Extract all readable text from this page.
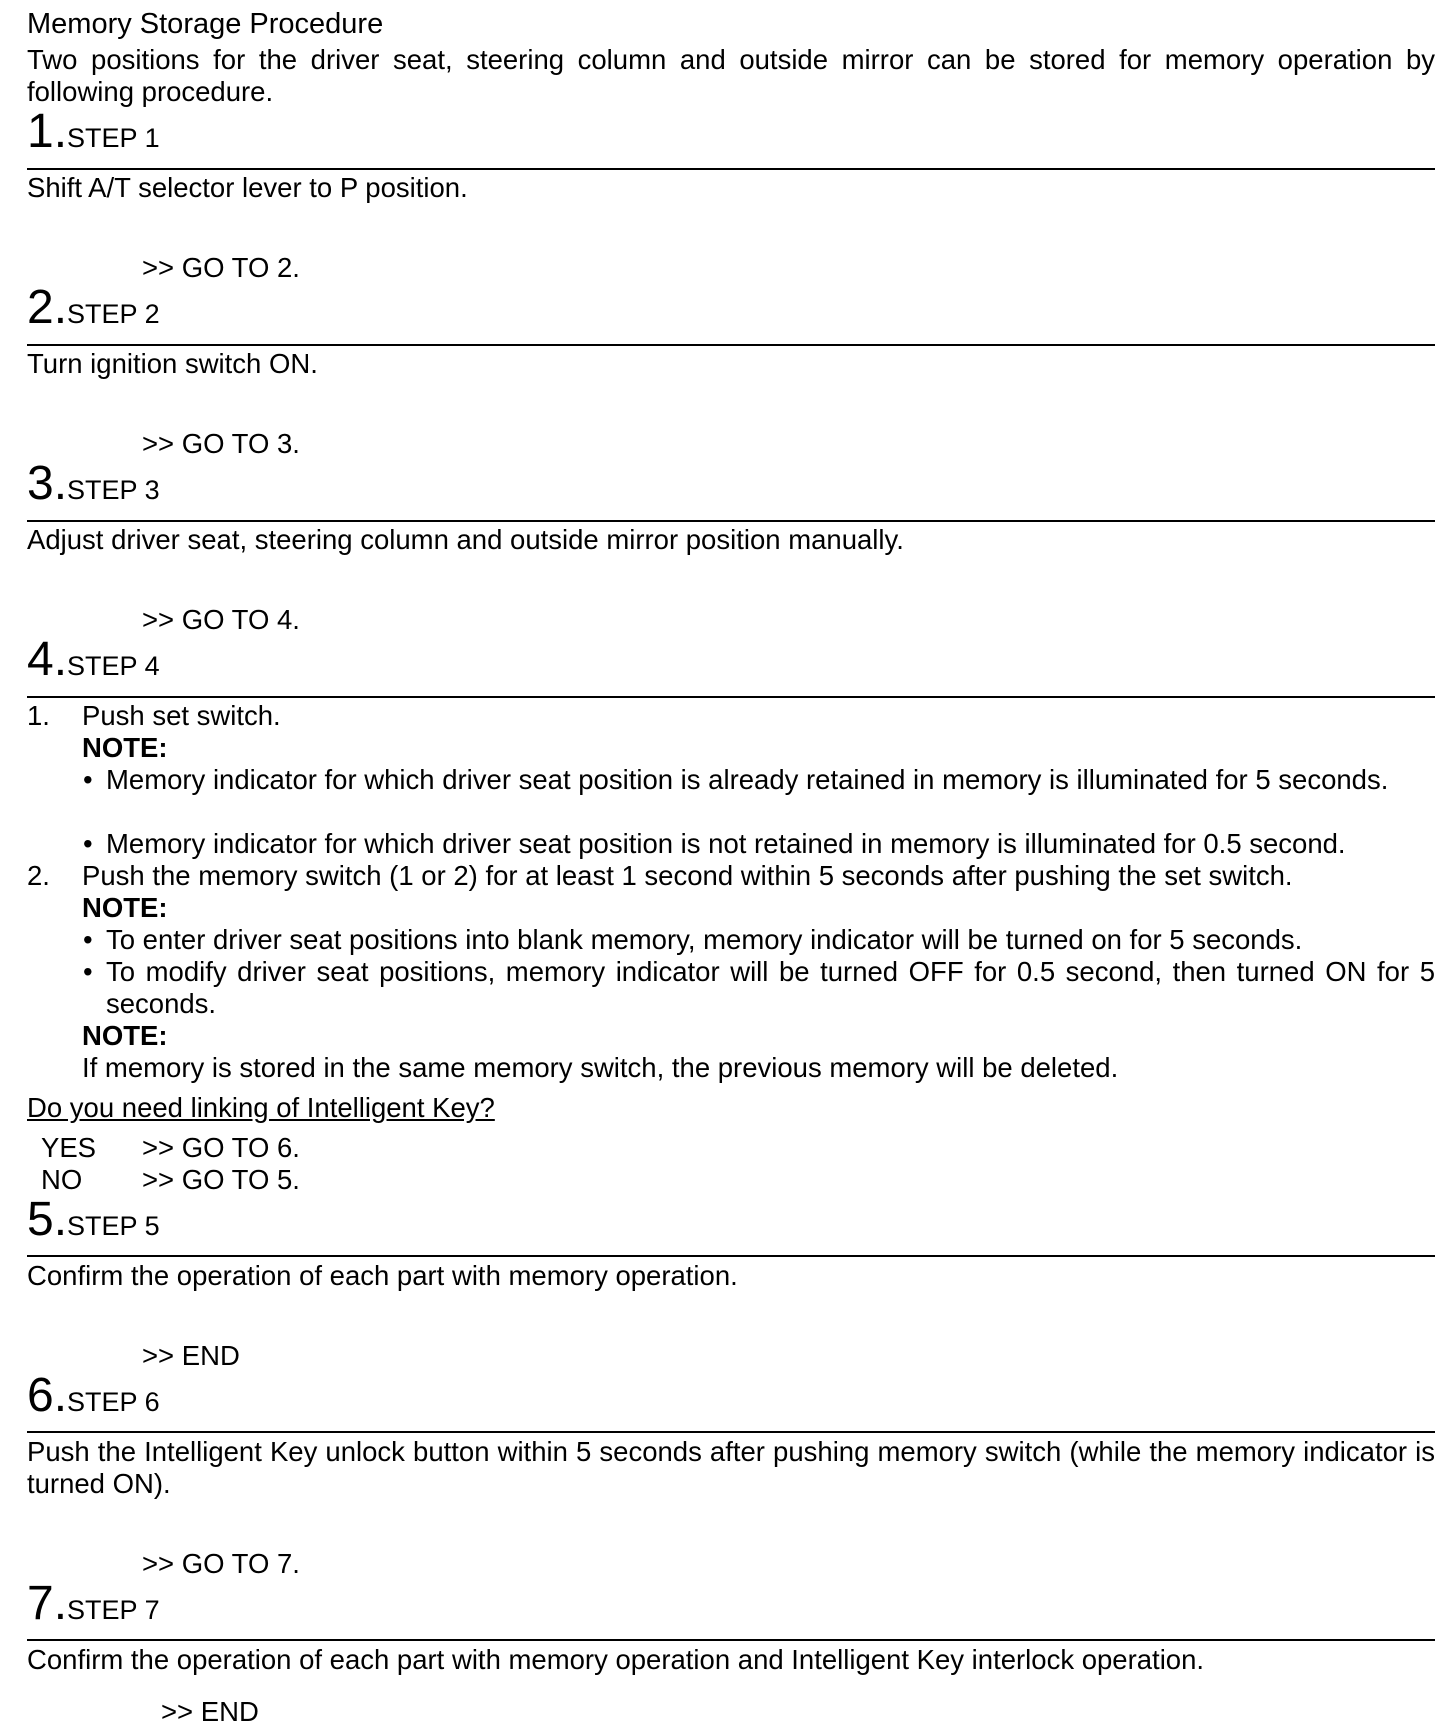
Memory Storage Procedure
Two positions for the driver seat, steering column and outside mirror can be stored for memory operation by following procedure.
1.STEP 1
Shift A/T selector lever to P position.
>> GO TO 2.
2.STEP 2
Turn ignition switch ON.
>> GO TO 3.
3.STEP 3
Adjust driver seat, steering column and outside mirror position manually.
>> GO TO 4.
4.STEP 4
1. Push set switch.
NOTE:
• Memory indicator for which driver seat position is already retained in memory is illuminated for 5 seconds.
• Memory indicator for which driver seat position is not retained in memory is illuminated for 0.5 second.
2. Push the memory switch (1 or 2) for at least 1 second within 5 seconds after pushing the set switch.
NOTE:
• To enter driver seat positions into blank memory, memory indicator will be turned on for 5 seconds.
• To modify driver seat positions, memory indicator will be turned OFF for 0.5 second, then turned ON for 5 seconds.
NOTE:
If memory is stored in the same memory switch, the previous memory will be deleted.
Do you need linking of Intelligent Key?
YES >> GO TO 6.
NO >> GO TO 5.
5.STEP 5
Confirm the operation of each part with memory operation.
>> END
6.STEP 6
Push the Intelligent Key unlock button within 5 seconds after pushing memory switch (while the memory indicator is turned ON).
>> GO TO 7.
7.STEP 7
Confirm the operation of each part with memory operation and Intelligent Key interlock operation.
>> END
